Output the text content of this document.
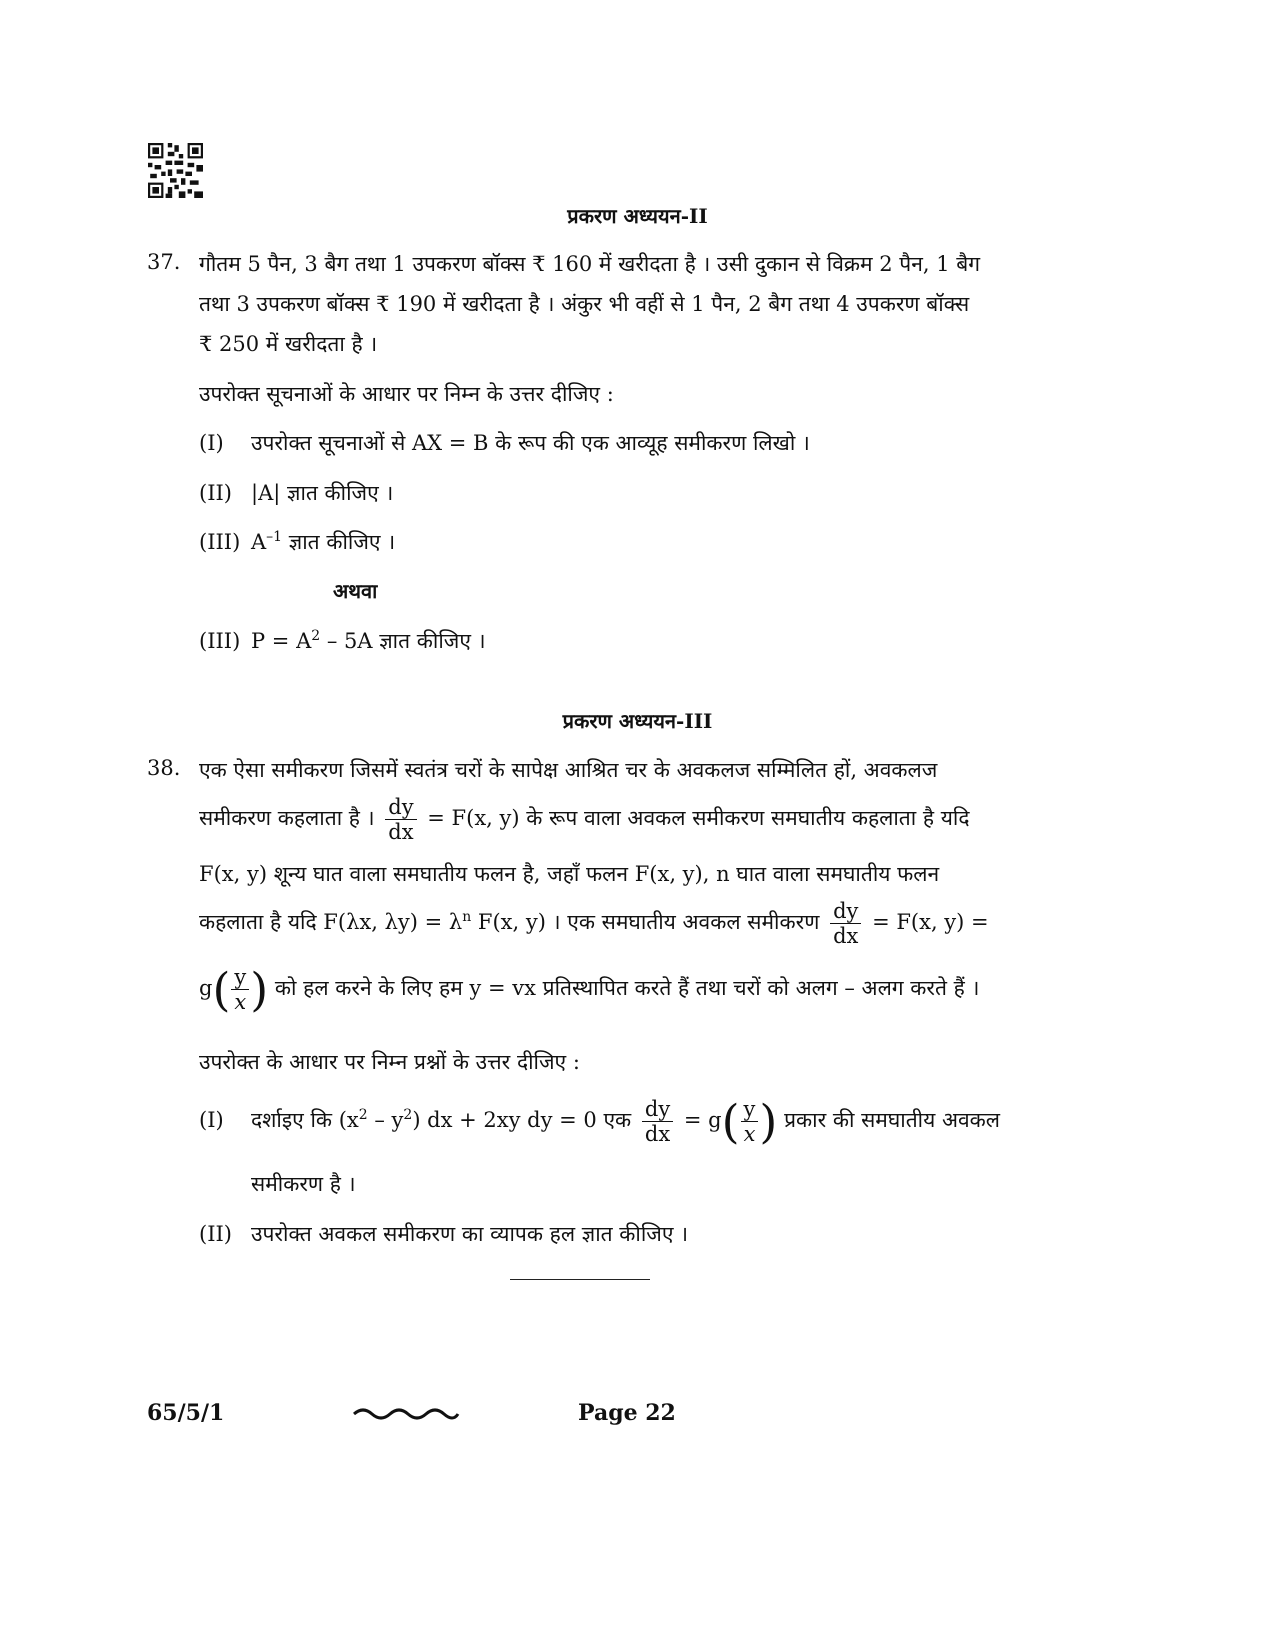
प्रकरण अध्ययन-II
37. गौतम 5 पैन, 3 बैग तथा 1 उपकरण बॉक्स ₹ 160 में खरीदता है । उसी दुकान से विक्रम 2 पैन, 1 बैग
तथा 3 उपकरण बॉक्स ₹ 190 में खरीदता है । अंकुर भी वहीं से 1 पैन, 2 बैग तथा 4 उपकरण बॉक्स
₹ 250 में खरीदता है ।
उपरोक्त सूचनाओं के आधार पर निम्न के उत्तर दीजिए :
(I) उपरोक्त सूचनाओं से AX = B के रूप की एक आव्यूह समीकरण लिखो ।
(II) |A| ज्ञात कीजिए ।
(III) $A^{-1}$ ज्ञात कीजिए ।
अथवा
(III) $P = A^2 - 5A$ ज्ञात कीजिए ।
प्रकरण अध्ययन-III
38. एक ऐसा समीकरण जिसमें स्वतंत्र चरों के सापेक्ष आश्रित चर के अवकलज सम्मिलित हों, अवकलज
समीकरण कहलाता है । $\frac{dy}{dx} = F(x$, y) के रूप वाला अवकल समीकरण समघातीय कहलाता है यदि
F(x, y) शून्य घात वाला समघातीय फलन है, जहाँ फलन F(x, y), n घात वाला समघातीय फलन
कहलाता है यदि F(λx, $\lambda y) = \lambda^n$ F(x, y) । एक समघातीय अवकल समीकरण $\frac{dy}{dx} = F(x$, y) =
$g( \frac{y}{x}$ ) को हल करने के लिए हम y = vx प्रतिस्थापित करते हैं तथा चरों को अलग – अलग करते हैं ।
उपरोक्त के आधार पर निम्न प्रश्नों के उत्तर दीजिए :
(I) दर्शाइए कि $(x^2 - y^2)$ dx + 2xy dy = 0 एक $\frac{dy}{dx} = g( \frac{y}{x}$ ) प्रकार की समघातीय अवकल
समीकरण है ।
(II) उपरोक्त अवकल समीकरण का व्यापक हल ज्ञात कीजिए ।
65/5/1	Page 22
